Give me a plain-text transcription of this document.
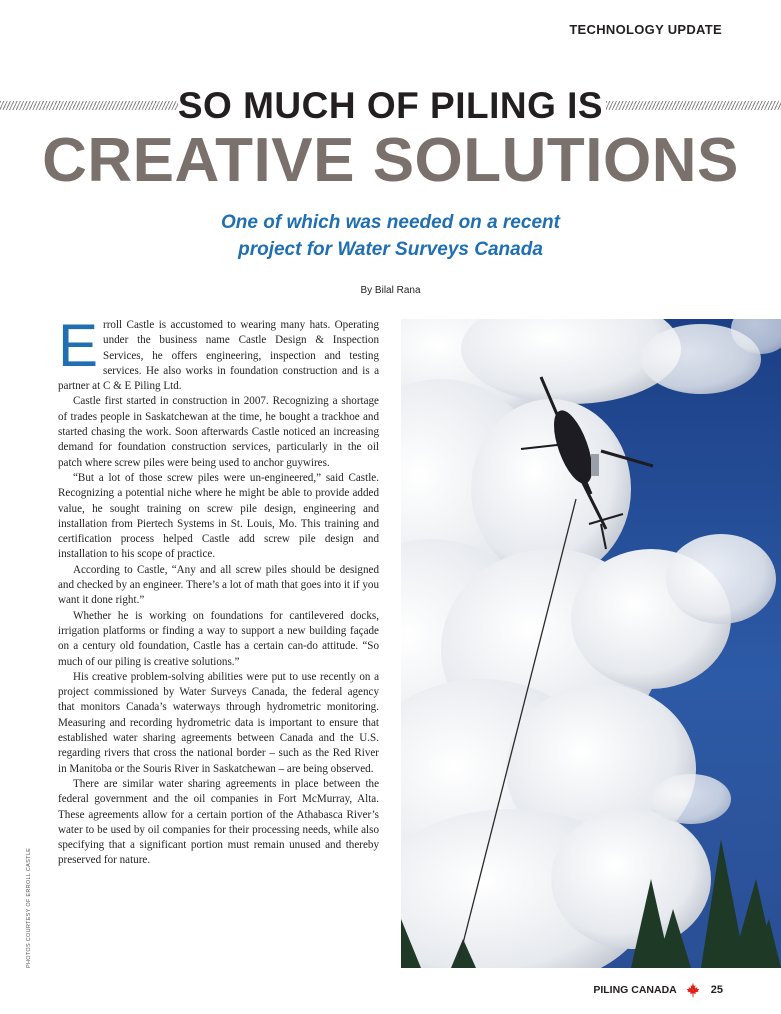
TECHNOLOGY UPDATE
SO MUCH OF PILING IS
CREATIVE SOLUTIONS
One of which was needed on a recent
project for Water Surveys Canada
By Bilal Rana

Erroll Castle is accustomed to wearing many hats. Operating under the business name Castle Design & Inspection Services, he offers engineering, inspection and testing services. He also works in foundation construction and is a partner at C & E Piling Ltd.

Castle first started in construction in 2007. Recognizing a shortage of trades people in Saskatchewan at the time, he bought a trackhoe and started chasing the work. Soon afterwards Castle noticed an increasing demand for foundation construction services, particularly in the oil patch where screw piles were being used to anchor guywires.

“But a lot of those screw piles were un-engineered,” said Castle. Recognizing a potential niche where he might be able to provide added value, he sought training on screw pile design, engineering and installation from Piertech Systems in St. Louis, Mo. This training and certification process helped Castle add screw pile design and installation to his scope of practice.

According to Castle, “Any and all screw piles should be designed and checked by an engineer. There’s a lot of math that goes into it if you want it done right.”

Whether he is working on foundations for cantilevered docks, irrigation platforms or finding a way to support a new building façade on a century old foundation, Castle has a certain can-do attitude. “So much of our piling is creative solutions.”

His creative problem-solving abilities were put to use recently on a project commissioned by Water Surveys Canada, the federal agency that monitors Canada’s waterways through hydrometric monitoring. Measuring and recording hydrometric data is important to ensure that established water sharing agreements between Canada and the U.S. regarding rivers that cross the national border – such as the Red River in Manitoba or the Souris River in Saskatchewan – are being observed.

There are similar water sharing agreements in place between the federal government and the oil companies in Fort McMurray, Alta. These agreements allow for a certain portion of the Athabasca River’s water to be used by oil companies for their processing needs, while also specifying that a significant portion must remain unused and thereby preserved for nature.

PHOTOS COURTESY OF ERROLL CASTLE
PILING CANADA	25
